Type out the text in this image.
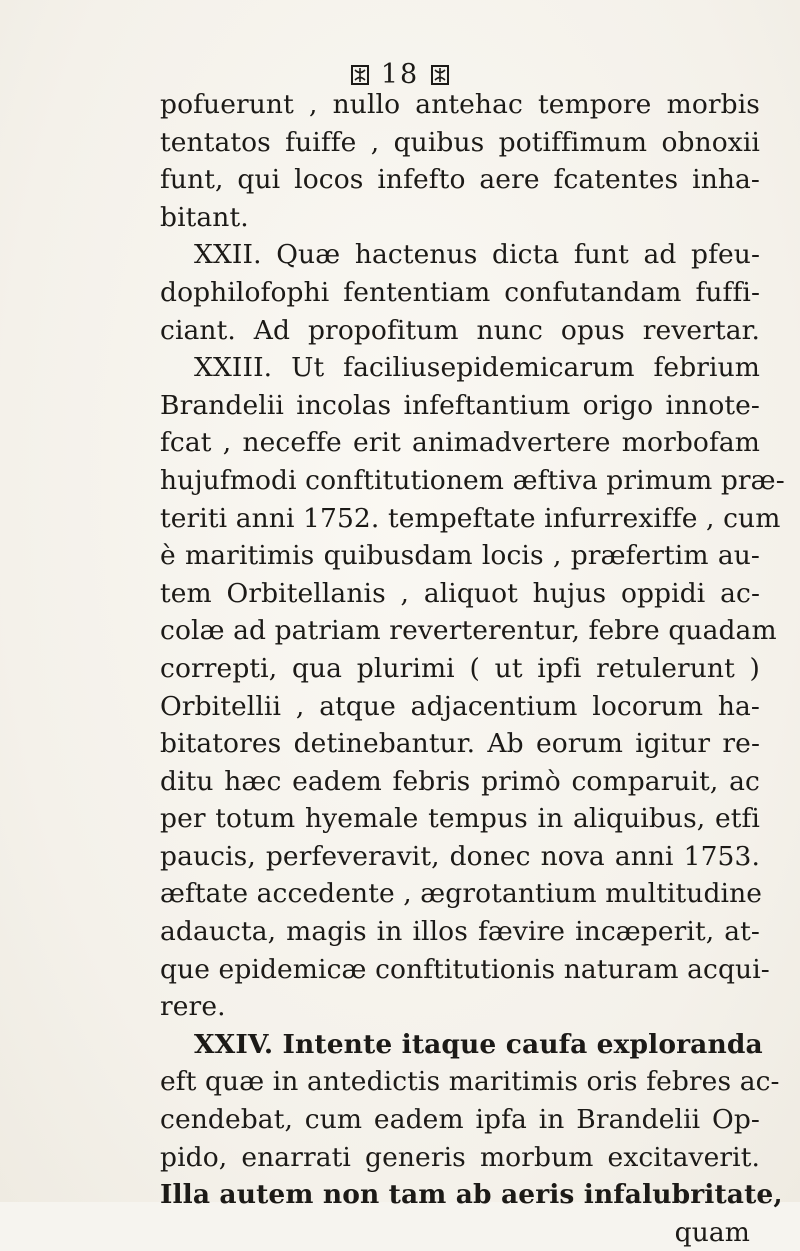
18
pofuerunt , nullo antehac tempore morbis
tentatos fuiffe , quibus potiffimum obnoxii
funt, qui locos infefto aere fcatentes inha-
bitant.
XXII. Quæ hactenus dicta funt ad pfeu-
dophilofophi fententiam confutandam fuffi-
ciant. Ad propofitum nunc opus revertar.
XXIII. Ut faciliusepidemicarum febrium
Brandelii incolas infeftantium origo innote-
fcat , neceffe erit animadvertere morbofam
hujufmodi conftitutionem æftiva primum præ-
teriti anni 1752. tempeftate infurrexiffe , cum
è maritimis quibusdam locis , præfertim au-
tem Orbitellanis , aliquot hujus oppidi ac-
colæ ad patriam reverterentur, febre quadam
correpti, qua plurimi ( ut ipfi retulerunt )
Orbitellii , atque adjacentium locorum ha-
bitatores detinebantur. Ab eorum igitur re-
ditu hæc eadem febris primò comparuit, ac
per totum hyemale tempus in aliquibus, etfi
paucis, perfeveravit, donec nova anni 1753.
æftate accedente , ægrotantium multitudine
adaucta, magis in illos fævire incæperit, at-
que epidemicæ conftitutionis naturam acqui-
rere.
XXIV. Intente itaque caufa exploranda
eft quæ in antedictis maritimis oris febres ac-
cendebat, cum eadem ipfa in Brandelii Op-
pido, enarrati generis morbum excitaverit.
Illa autem non tam ab aeris infalubritate,
quam
